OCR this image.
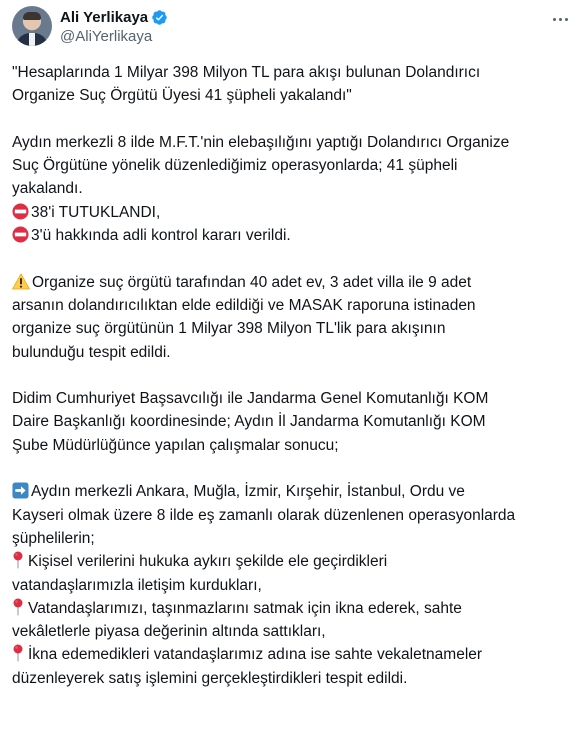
Ali Yerlikaya
@AliYerlikaya
"Hesaplarında 1 Milyar 398 Milyon TL para akışı bulunan Dolandırıcı
Organize Suç Örgütü Üyesi 41 şüpheli yakalandı"
Aydın merkezli 8 ilde M.F.T.'nin elebaşılığını yaptığı Dolandırıcı Organize
Suç Örgütüne yönelik düzenlediğimiz operasyonlarda; 41 şüpheli
yakalandı.
38'i TUTUKLANDI,
3'ü hakkında adli kontrol kararı verildi.
Organize suç örgütü tarafından 40 adet ev, 3 adet villa ile 9 adet
arsanın dolandırıcılıktan elde edildiği ve MASAK raporuna istinaden
organize suç örgütünün 1 Milyar 398 Milyon TL'lik para akışının
bulunduğu tespit edildi.
Didim Cumhuriyet Başsavcılığı ile Jandarma Genel Komutanlığı KOM
Daire Başkanlığı koordinesinde; Aydın İl Jandarma Komutanlığı KOM
Şube Müdürlüğünce yapılan çalışmalar sonucu;
Aydın merkezli Ankara, Muğla, İzmir, Kırşehir, İstanbul, Ordu ve
Kayseri olmak üzere 8 ilde eş zamanlı olarak düzenlenen operasyonlarda
şüphelilerin;
Kişisel verilerini hukuka aykırı şekilde ele geçirdikleri
vatandaşlarımızla iletişim kurdukları,
Vatandaşlarımızı, taşınmazlarını satmak için ikna ederek, sahte
vekâletlerle piyasa değerinin altında sattıkları,
İkna edemedikleri vatandaşlarımız adına ise sahte vekaletnameler
düzenleyerek satış işlemini gerçekleştirdikleri tespit edildi.
